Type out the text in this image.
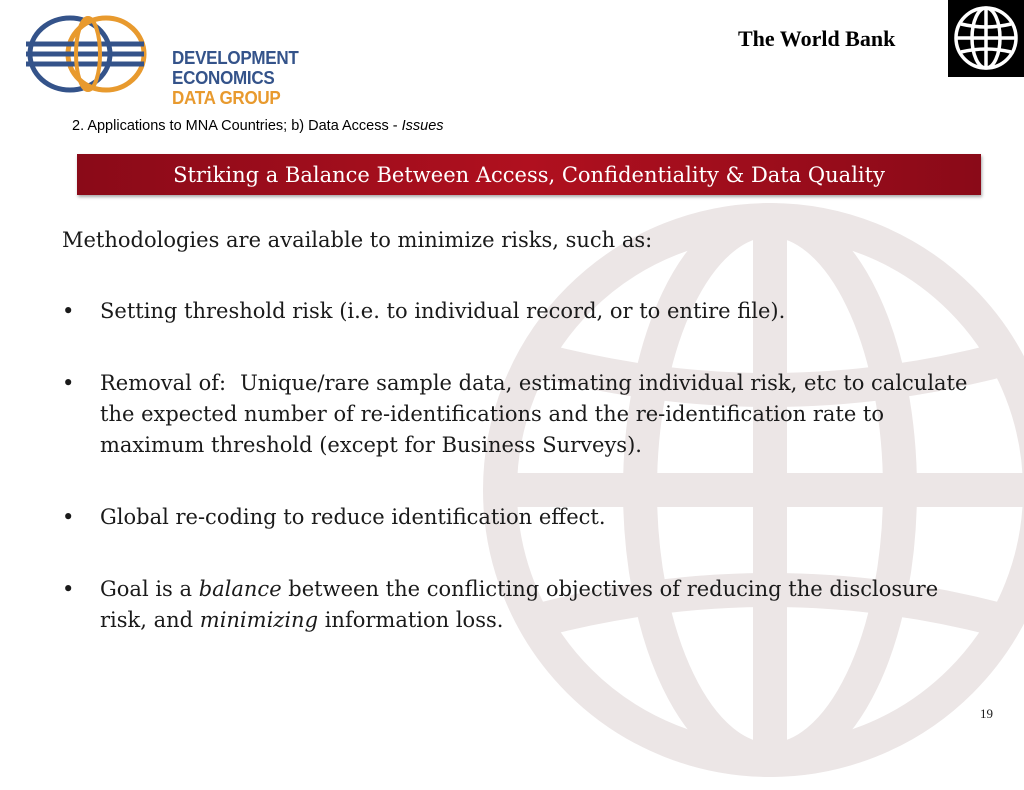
DEVELOPMENT ECONOMICS
DATA GROUP
The World Bank
2. Applications to MNA Countries; b) Data Access - Issues
Striking a Balance Between Access, Confidentiality & Data Quality
Methodologies are available to minimize risks, such as:
• Setting threshold risk (i.e. to individual record, or to entire file).
• Removal of: Unique/rare sample data, estimating individual risk, etc to calculate the expected number of re-identifications and the re-identification rate to maximum threshold (except for Business Surveys).
• Global re-coding to reduce identification effect.
• Goal is a balance between the conflicting objectives of reducing the disclosure risk, and minimizing information loss.
19
